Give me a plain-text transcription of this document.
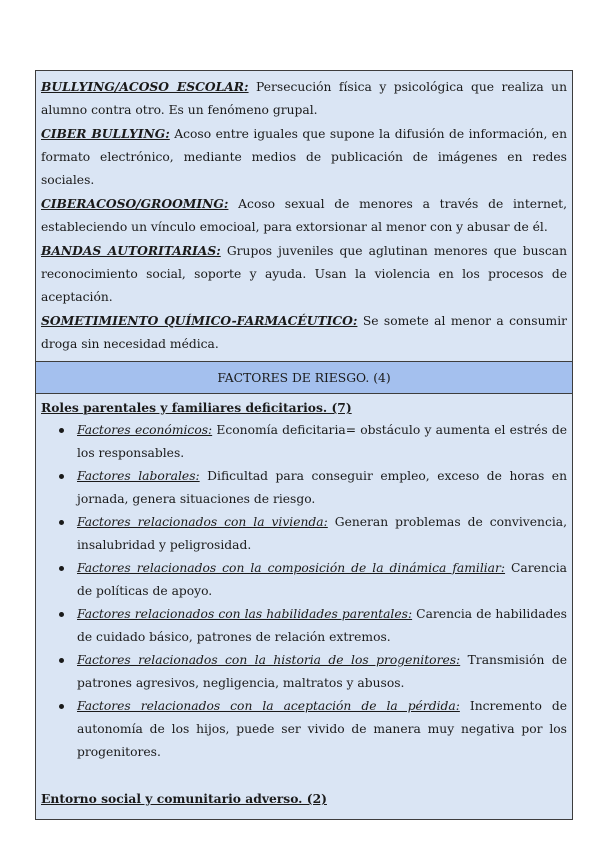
BULLYING/ACOSO ESCOLAR: Persecución física y psicológica que realiza un alumno contra otro. Es un fenómeno grupal.

CIBER BULLYING: Acoso entre iguales que supone la difusión de información, en formato electrónico, mediante medios de publicación de imágenes en redes sociales.

CIBERACOSO/GROOMING: Acoso sexual de menores a través de internet, estableciendo un vínculo emocioal, para extorsionar al menor con y abusar de él.

BANDAS AUTORITARIAS: Grupos juveniles que aglutinan menores que buscan reconocimiento social, soporte y ayuda. Usan la violencia en los procesos de aceptación.

SOMETIMIENTO QUÍMICO-FARMACÉUTICO: Se somete al menor a consumir droga sin necesidad médica.

FACTORES DE RIESGO. (4)

Roles parentales y familiares deficitarios. (7)

Factores económicos: Economía deficitaria= obstáculo y aumenta el estrés de los responsables.
Factores laborales: Dificultad para conseguir empleo, exceso de horas en jornada, genera situaciones de riesgo.
Factores relacionados con la vivienda: Generan problemas de convivencia, insalubridad y peligrosidad.
Factores relacionados con la composición de la dinámica familiar: Carencia de políticas de apoyo.
Factores relacionados con las habilidades parentales: Carencia de habilidades de cuidado básico, patrones de relación extremos.
Factores relacionados con la historia de los progenitores: Transmisión de patrones agresivos, negligencia, maltratos y abusos.
Factores relacionados con la aceptación de la pérdida: Incremento de autonomía de los hijos, puede ser vivido de manera muy negativa por los progenitores.

Entorno social y comunitario adverso. (2)
